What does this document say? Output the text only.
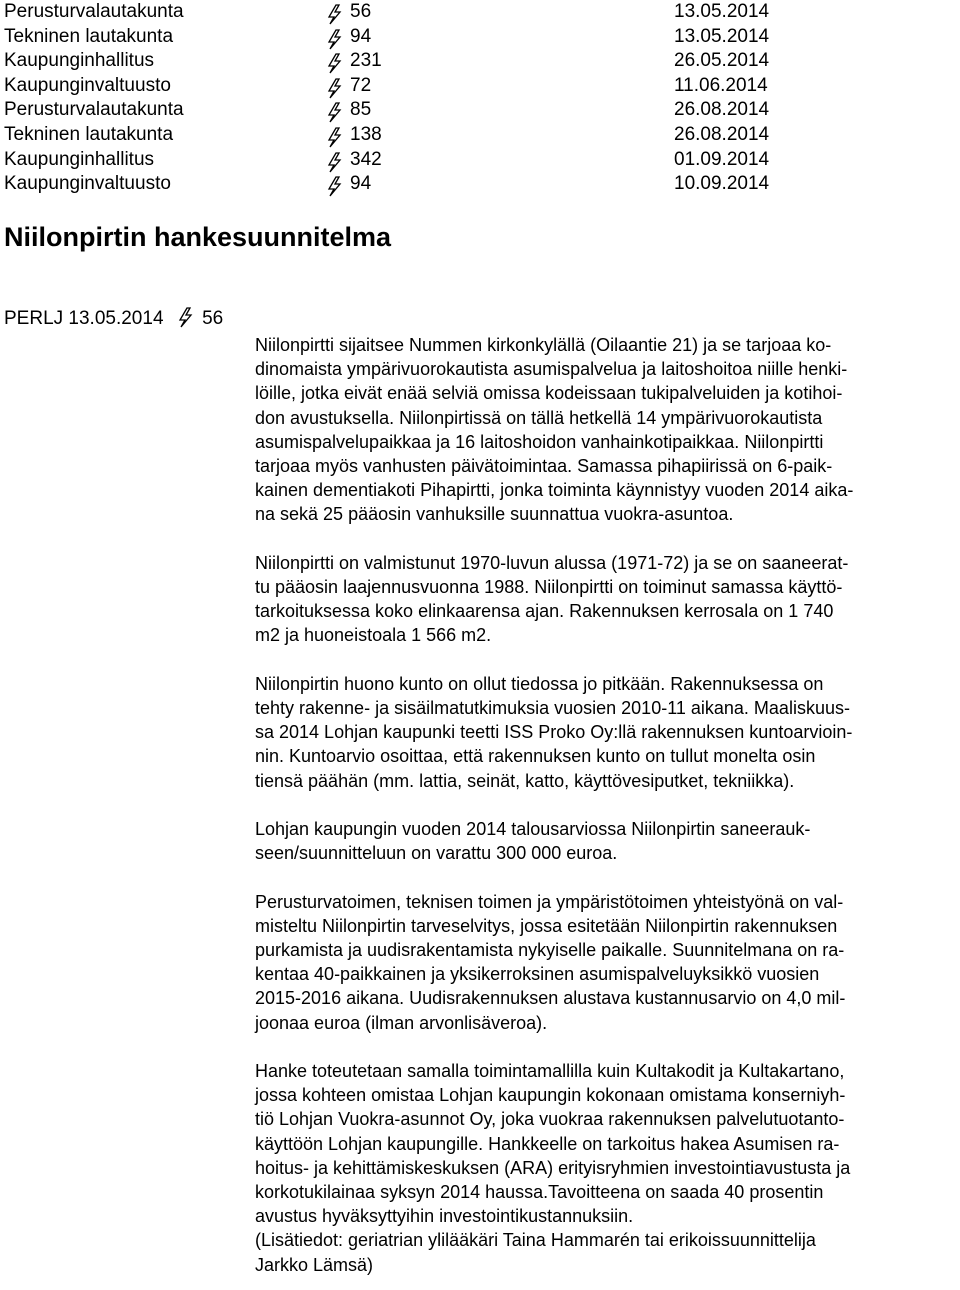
Perusturvalautakunta	56	13.05.2014
Tekninen lautakunta	94	13.05.2014
Kaupunginhallitus	231	26.05.2014
Kaupunginvaltuusto	72	11.06.2014
Perusturvalautakunta	85	26.08.2014
Tekninen lautakunta	138	26.08.2014
Kaupunginhallitus	342	01.09.2014
Kaupunginvaltuusto	94	10.09.2014
Niilonpirtin hankesuunnitelma
PERLJ 13.05.2014 56
Niilonpirtti sijaitsee Nummen kirkonkylällä (Oilaantie 21) ja se tarjoaa ko-
dinomaista ympärivuorokautista asumispalvelua ja laitoshoitoa niille henki-
löille, jotka eivät enää selviä omissa kodeissaan tukipalveluiden ja kotihoi-
don avustuksella. Niilonpirtissä on tällä hetkellä 14 ympärivuorokautista
asumispalvelupaikkaa ja 16 laitoshoidon vanhainkotipaikkaa. Niilonpirtti
tarjoaa myös vanhusten päivätoimintaa. Samassa pihapiirissä on 6-paik-
kainen dementiakoti Pihapirtti, jonka toiminta käynnistyy vuoden 2014 aika-
na sekä 25 pääosin vanhuksille suunnattua vuokra-asuntoa.
Niilonpirtti on valmistunut 1970-luvun alussa (1971-72) ja se on saaneerat-
tu pääosin laajennusvuonna 1988. Niilonpirtti on toiminut samassa käyttö-
tarkoituksessa koko elinkaarensa ajan. Rakennuksen kerrosala on 1 740
m2 ja huoneistoala 1 566 m2.
Niilonpirtin huono kunto on ollut tiedossa jo pitkään. Rakennuksessa on
tehty rakenne- ja sisäilmatutkimuksia vuosien 2010-11 aikana. Maaliskuus-
sa 2014 Lohjan kaupunki teetti ISS Proko Oy:llä rakennuksen kuntoarvioin-
nin. Kuntoarvio osoittaa, että rakennuksen kunto on tullut monelta osin
tiensä päähän (mm. lattia, seinät, katto, käyttövesiputket, tekniikka).
Lohjan kaupungin vuoden 2014 talousarviossa Niilonpirtin saneerauk-
seen/suunnitteluun on varattu 300 000 euroa.
Perusturvatoimen, teknisen toimen ja ympäristötoimen yhteistyönä on val-
misteltu Niilonpirtin tarveselvitys, jossa esitetään Niilonpirtin rakennuksen
purkamista ja uudisrakentamista nykyiselle paikalle. Suunnitelmana on ra-
kentaa 40-paikkainen ja yksikerroksinen asumispalveluyksikkö vuosien
2015-2016 aikana. Uudisrakennuksen alustava kustannusarvio on 4,0 mil-
joonaa euroa (ilman arvonlisäveroa).
Hanke toteutetaan samalla toimintamallilla kuin Kultakodit ja Kultakartano,
jossa kohteen omistaa Lohjan kaupungin kokonaan omistama konserniyh-
tiö Lohjan Vuokra-asunnot Oy, joka vuokraa rakennuksen palvelutuotanto-
käyttöön Lohjan kaupungille. Hankkeelle on tarkoitus hakea Asumisen ra-
hoitus- ja kehittämiskeskuksen (ARA) erityisryhmien investointiavustusta ja
korkotukilainaa syksyn 2014 haussa.Tavoitteena on saada 40 prosentin
avustus hyväksyttyihin investointikustannuksiin.
(Lisätiedot: geriatrian ylilääkäri Taina Hammarén tai erikoissuunnittelija
Jarkko Lämsä)
